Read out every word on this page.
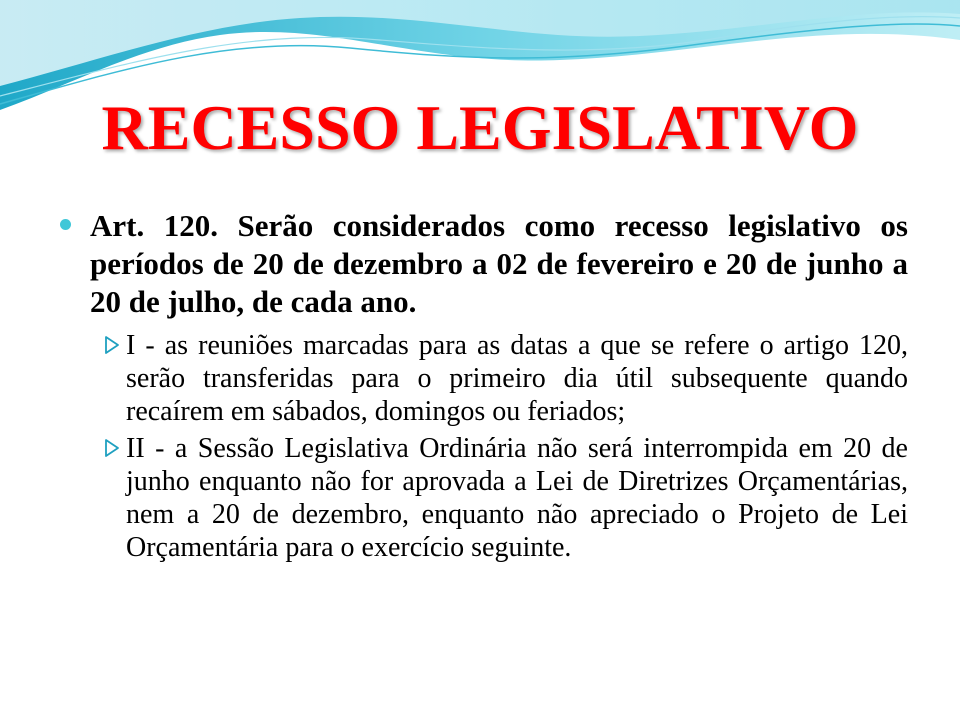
RECESSO LEGISLATIVO

Art. 120. Serão considerados como recesso legislativo os períodos de 20 de dezembro a 02 de fevereiro e 20 de junho a 20 de julho, de cada ano.

I - as reuniões marcadas para as datas a que se refere o artigo 120, serão transferidas para o primeiro dia útil subsequente quando recaírem em sábados, domingos ou feriados;

II - a Sessão Legislativa Ordinária não será interrompida em 20 de junho enquanto não for aprovada a Lei de Diretrizes Orçamentárias, nem a 20 de dezembro, enquanto não apreciado o Projeto de Lei Orçamentária para o exercício seguinte.
